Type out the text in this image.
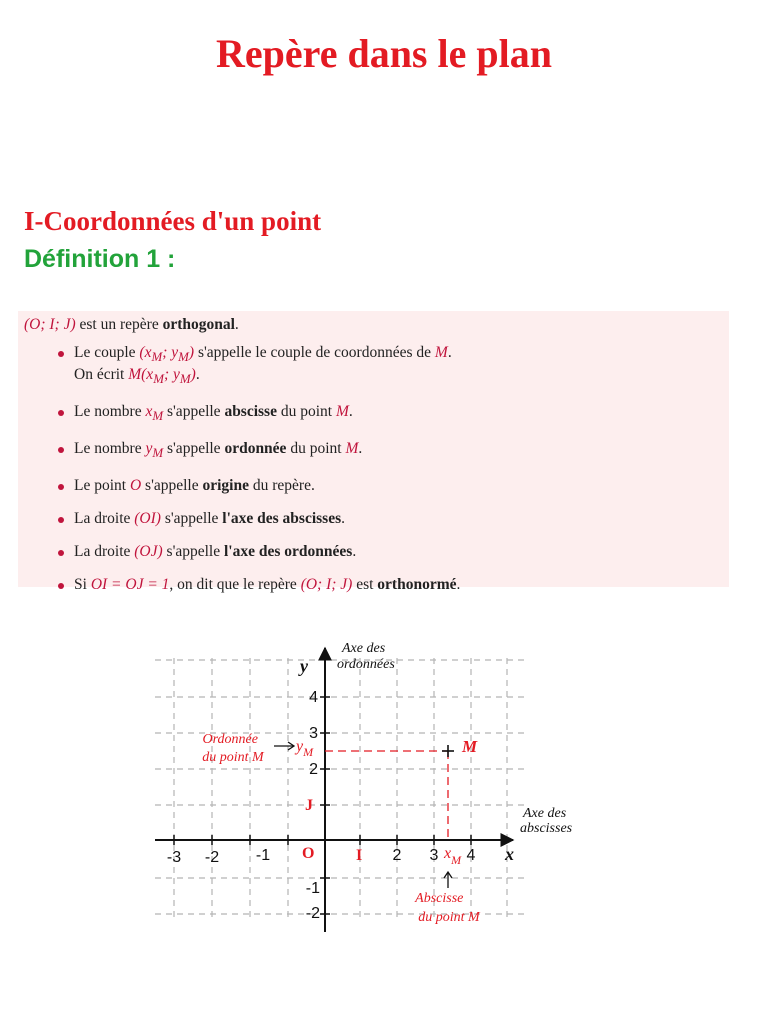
Repère dans le plan
I-Coordonnées d'un point
Définition 1 :

(O; I; J) est un repère orthogonal.

Le couple ($x_M$; $y_M$) s'appelle le couple de coordonnées de M.
On écrit $M(x_M$; $y_M$).
Le nombre $x_M$ s'appelle abscisse du point M.
Le nombre $y_M$ s'appelle ordonnée du point M.
Le point O s'appelle origine du repère.
La droite (OI) s'appelle l'axe des abscisses.
La droite (OJ) s'appelle l'axe des ordonnées.
Si OI = OJ = 1, on dit que le repère (O; I; J) est orthonormé.
Axe des ordonnées
Axe des abscisses
y
x
-3 -2 -1	2 3 4
4
3
2
-1
-2
O	I
J
M
Ordonnée du point M
$y_M$
$x_M$
Abscisse du point M
